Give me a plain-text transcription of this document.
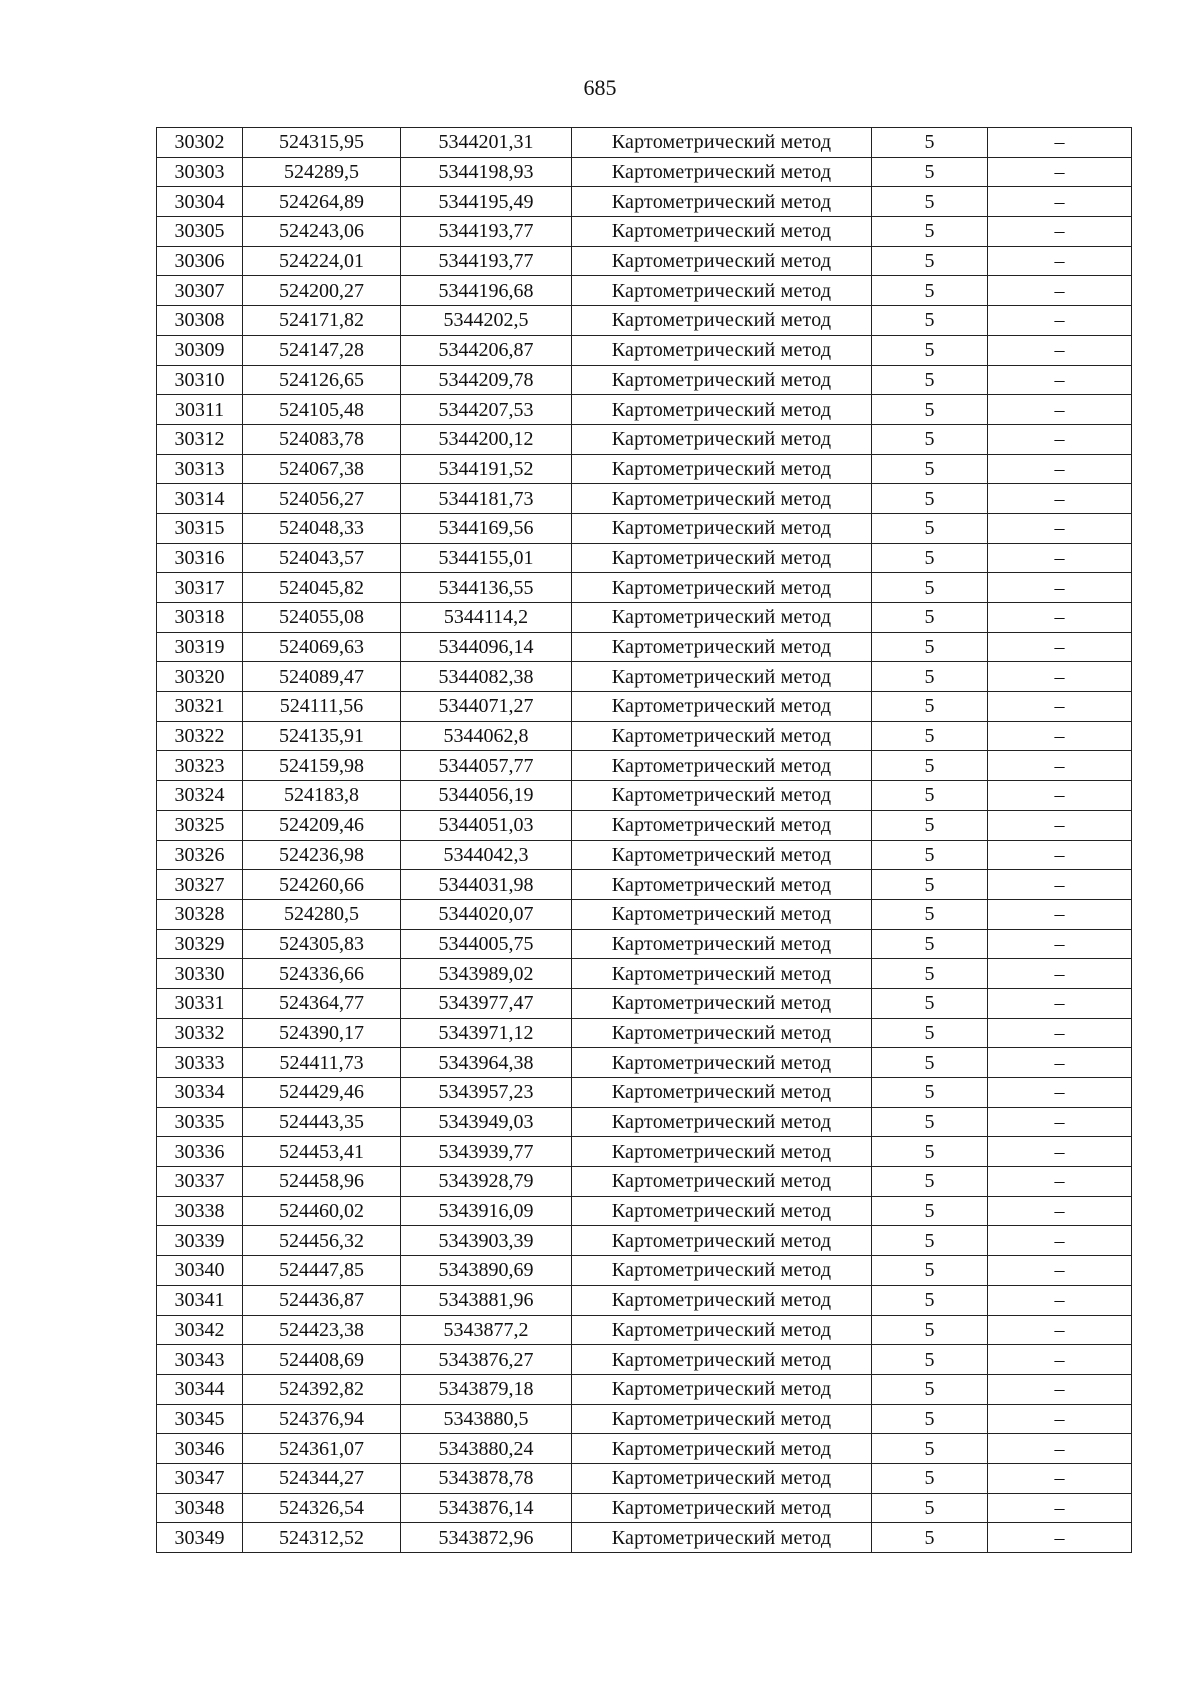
685
30302	524315,95	5344201,31	Картометрический метод	5	–
30303	524289,5	5344198,93	Картометрический метод	5	–
30304	524264,89	5344195,49	Картометрический метод	5	–
30305	524243,06	5344193,77	Картометрический метод	5	–
30306	524224,01	5344193,77	Картометрический метод	5	–
30307	524200,27	5344196,68	Картометрический метод	5	–
30308	524171,82	5344202,5	Картометрический метод	5	–
30309	524147,28	5344206,87	Картометрический метод	5	–
30310	524126,65	5344209,78	Картометрический метод	5	–
30311	524105,48	5344207,53	Картометрический метод	5	–
30312	524083,78	5344200,12	Картометрический метод	5	–
30313	524067,38	5344191,52	Картометрический метод	5	–
30314	524056,27	5344181,73	Картометрический метод	5	–
30315	524048,33	5344169,56	Картометрический метод	5	–
30316	524043,57	5344155,01	Картометрический метод	5	–
30317	524045,82	5344136,55	Картометрический метод	5	–
30318	524055,08	5344114,2	Картометрический метод	5	–
30319	524069,63	5344096,14	Картометрический метод	5	–
30320	524089,47	5344082,38	Картометрический метод	5	–
30321	524111,56	5344071,27	Картометрический метод	5	–
30322	524135,91	5344062,8	Картометрический метод	5	–
30323	524159,98	5344057,77	Картометрический метод	5	–
30324	524183,8	5344056,19	Картометрический метод	5	–
30325	524209,46	5344051,03	Картометрический метод	5	–
30326	524236,98	5344042,3	Картометрический метод	5	–
30327	524260,66	5344031,98	Картометрический метод	5	–
30328	524280,5	5344020,07	Картометрический метод	5	–
30329	524305,83	5344005,75	Картометрический метод	5	–
30330	524336,66	5343989,02	Картометрический метод	5	–
30331	524364,77	5343977,47	Картометрический метод	5	–
30332	524390,17	5343971,12	Картометрический метод	5	–
30333	524411,73	5343964,38	Картометрический метод	5	–
30334	524429,46	5343957,23	Картометрический метод	5	–
30335	524443,35	5343949,03	Картометрический метод	5	–
30336	524453,41	5343939,77	Картометрический метод	5	–
30337	524458,96	5343928,79	Картометрический метод	5	–
30338	524460,02	5343916,09	Картометрический метод	5	–
30339	524456,32	5343903,39	Картометрический метод	5	–
30340	524447,85	5343890,69	Картометрический метод	5	–
30341	524436,87	5343881,96	Картометрический метод	5	–
30342	524423,38	5343877,2	Картометрический метод	5	–
30343	524408,69	5343876,27	Картометрический метод	5	–
30344	524392,82	5343879,18	Картометрический метод	5	–
30345	524376,94	5343880,5	Картометрический метод	5	–
30346	524361,07	5343880,24	Картометрический метод	5	–
30347	524344,27	5343878,78	Картометрический метод	5	–
30348	524326,54	5343876,14	Картометрический метод	5	–
30349	524312,52	5343872,96	Картометрический метод	5	–
